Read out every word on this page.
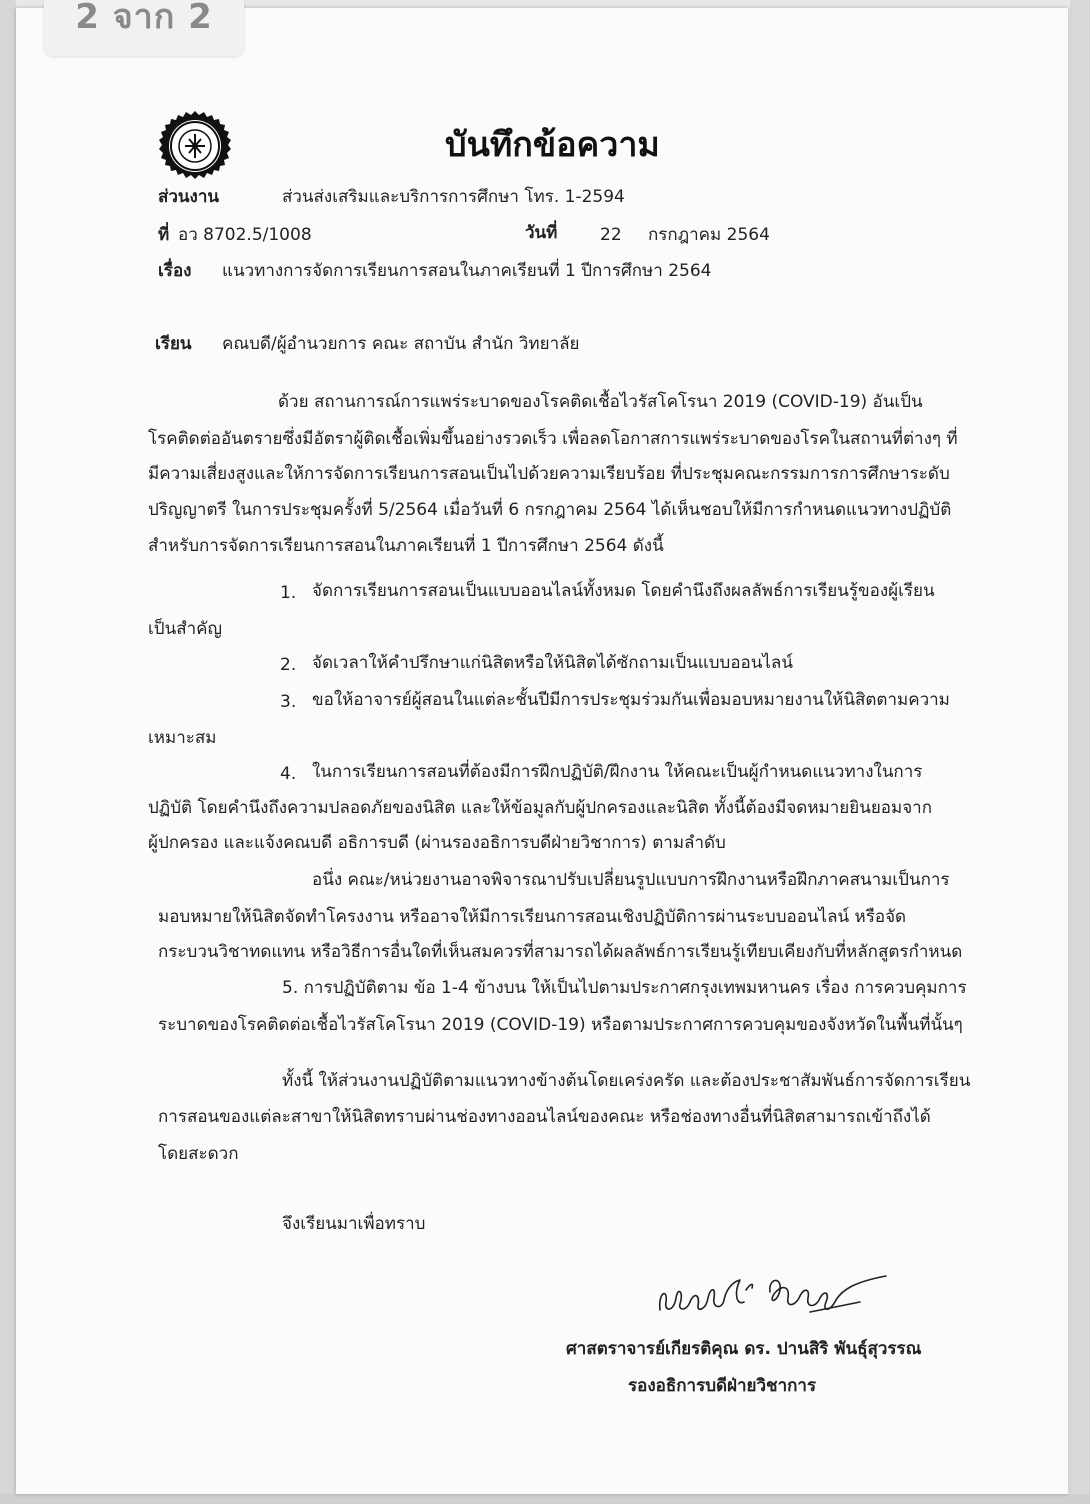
2 จาก 2
บันทึกข้อความ
ส่วนงาน	ส่วนส่งเสริมและบริการการศึกษา โทร. 1-2594
ที่ อว 8702.5/1008	วันที่	22 กรกฎาคม 2564
เรื่อง แนวทางการจัดการเรียนการสอนในภาคเรียนที่ 1 ปีการศึกษา 2564
เรียน คณบดี/ผู้อำนวยการ คณะ สถาบัน สำนัก วิทยาลัย
ด้วย สถานการณ์การแพร่ระบาดของโรคติดเชื้อไวรัสโคโรนา 2019 (COVID-19) อันเป็น
โรคติดต่ออันตรายซึ่งมีอัตราผู้ติดเชื้อเพิ่มขึ้นอย่างรวดเร็ว เพื่อลดโอกาสการแพร่ระบาดของโรคในสถานที่ต่างๆ ที่
มีความเสี่ยงสูงและให้การจัดการเรียนการสอนเป็นไปด้วยความเรียบร้อย ที่ประชุมคณะกรรมการการศึกษาระดับ
ปริญญาตรี ในการประชุมครั้งที่ 5/2564 เมื่อวันที่ 6 กรกฎาคม 2564 ได้เห็นชอบให้มีการกำหนดแนวทางปฏิบัติ
สำหรับการจัดการเรียนการสอนในภาคเรียนที่ 1 ปีการศึกษา 2564 ดังนี้
1. จัดการเรียนการสอนเป็นแบบออนไลน์ทั้งหมด โดยคำนึงถึงผลลัพธ์การเรียนรู้ของผู้เรียน
เป็นสำคัญ
2. จัดเวลาให้คำปรึกษาแก่นิสิตหรือให้นิสิตได้ซักถามเป็นแบบออนไลน์
3. ขอให้อาจารย์ผู้สอนในแต่ละชั้นปีมีการประชุมร่วมกันเพื่อมอบหมายงานให้นิสิตตามความ
เหมาะสม
4. ในการเรียนการสอนที่ต้องมีการฝึกปฏิบัติ/ฝึกงาน ให้คณะเป็นผู้กำหนดแนวทางในการ
ปฏิบัติ โดยคำนึงถึงความปลอดภัยของนิสิต และให้ข้อมูลกับผู้ปกครองและนิสิต ทั้งนี้ต้องมีจดหมายยินยอมจาก
ผู้ปกครอง และแจ้งคณบดี อธิการบดี (ผ่านรองอธิการบดีฝ่ายวิชาการ) ตามลำดับ
อนึ่ง คณะ/หน่วยงานอาจพิจารณาปรับเปลี่ยนรูปแบบการฝึกงานหรือฝึกภาคสนามเป็นการ
มอบหมายให้นิสิตจัดทำโครงงาน หรืออาจให้มีการเรียนการสอนเชิงปฏิบัติการผ่านระบบออนไลน์ หรือจัด
กระบวนวิชาทดแทน หรือวิธีการอื่นใดที่เห็นสมควรที่สามารถได้ผลลัพธ์การเรียนรู้เทียบเคียงกับที่หลักสูตรกำหนด
5. การปฏิบัติตาม ข้อ 1-4 ข้างบน ให้เป็นไปตามประกาศกรุงเทพมหานคร เรื่อง การควบคุมการ
ระบาดของโรคติดต่อเชื้อไวรัสโคโรนา 2019 (COVID-19) หรือตามประกาศการควบคุมของจังหวัดในพื้นที่นั้นๆ
ทั้งนี้ ให้ส่วนงานปฏิบัติตามแนวทางข้างต้นโดยเคร่งครัด และต้องประชาสัมพันธ์การจัดการเรียน
การสอนของแต่ละสาขาให้นิสิตทราบผ่านช่องทางออนไลน์ของคณะ หรือช่องทางอื่นที่นิสิตสามารถเข้าถึงได้
โดยสะดวก
จึงเรียนมาเพื่อทราบ
ศาสตราจารย์เกียรติคุณ ดร. ปานสิริ พันธุ์สุวรรณ
รองอธิการบดีฝ่ายวิชาการ
